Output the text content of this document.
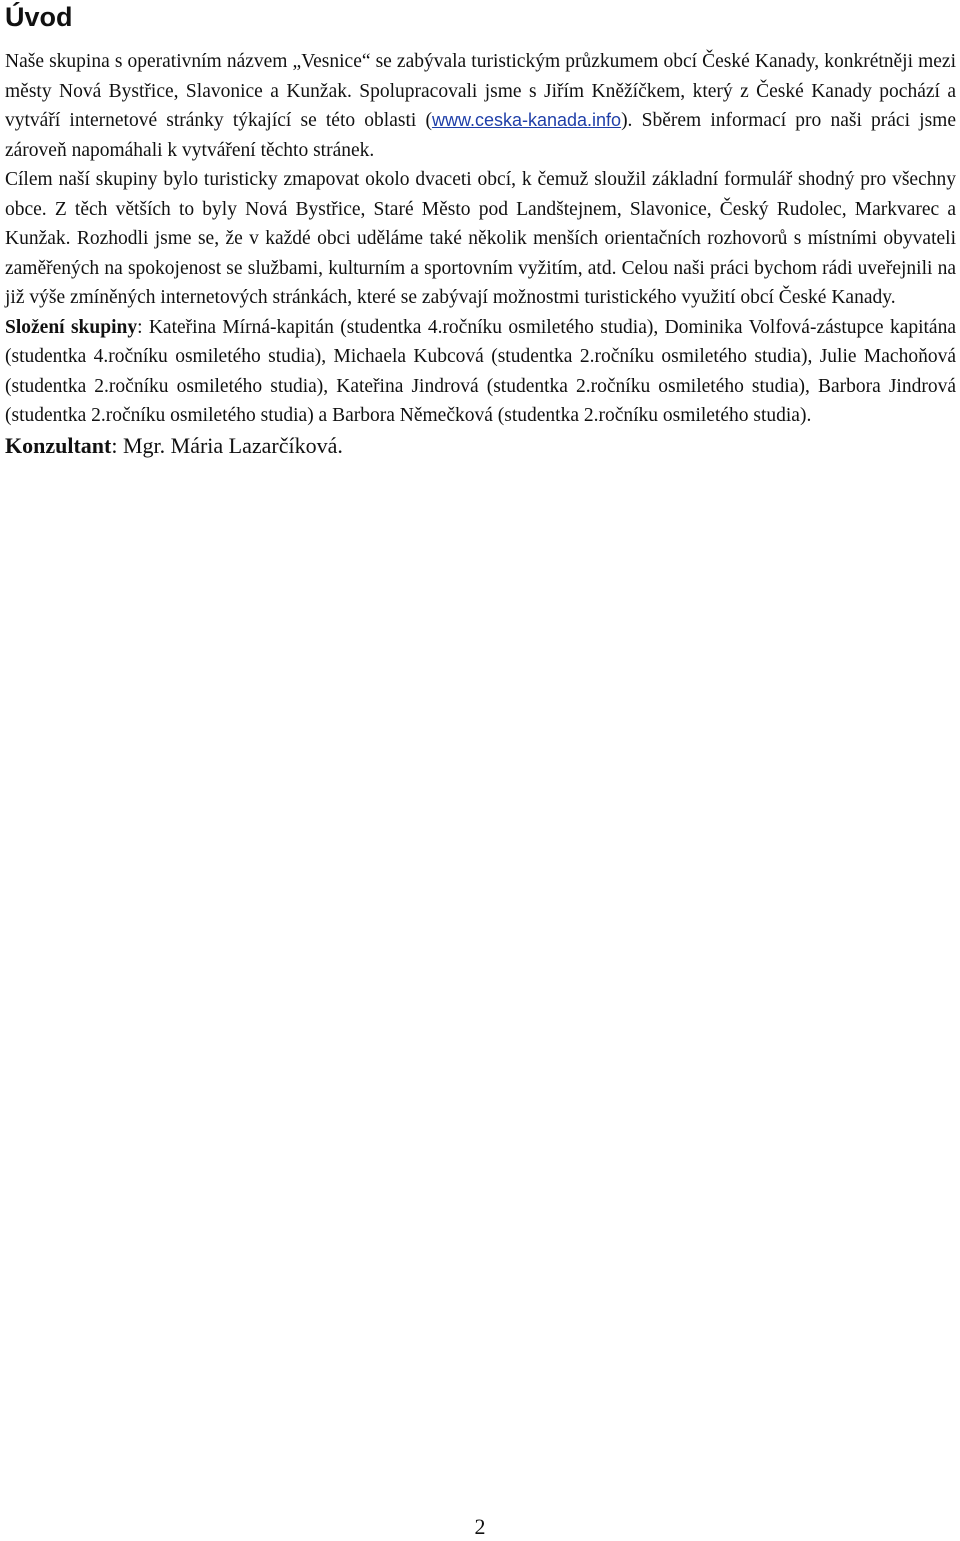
Úvod

Naše skupina s operativním názvem „Vesnice“ se zabývala turistickým průzkumem obcí České Kanady, konkrétněji mezi městy Nová Bystřice, Slavonice a Kunžak. Spolupracovali jsme s Jiřím Kněžíčkem, který z České Kanady pochází a vytváří internetové stránky týkající se této oblasti (www.ceska-kanada.info). Sběrem informací pro naši práci jsme zároveň napomáhali k vytváření těchto stránek.

Cílem naší skupiny bylo turisticky zmapovat okolo dvaceti obcí, k čemuž sloužil základní formulář shodný pro všechny obce. Z těch větších to byly Nová Bystřice, Staré Město pod Landštejnem, Slavonice, Český Rudolec, Markvarec a Kunžak. Rozhodli jsme se, že v každé obci uděláme také několik menších orientačních rozhovorů s místními obyvateli zaměřených na spokojenost se službami, kulturním a sportovním vyžitím, atd. Celou naši práci bychom rádi uveřejnili na již výše zmíněných internetových stránkách, které se zabývají možnostmi turistického využití obcí České Kanady.

Složení skupiny: Kateřina Mírná-kapitán (studentka 4.ročníku osmiletého studia), Dominika Volfová-zástupce kapitána (studentka 4.ročníku osmiletého studia), Michaela Kubcová (studentka 2.ročníku osmiletého studia), Julie Machoňová (studentka 2.ročníku osmiletého studia), Kateřina Jindrová (studentka 2.ročníku osmiletého studia), Barbora Jindrová (studentka 2.ročníku osmiletého studia) a Barbora Němečková (studentka 2.ročníku osmiletého studia).

Konzultant: Mgr. Mária Lazarčíková.

2
